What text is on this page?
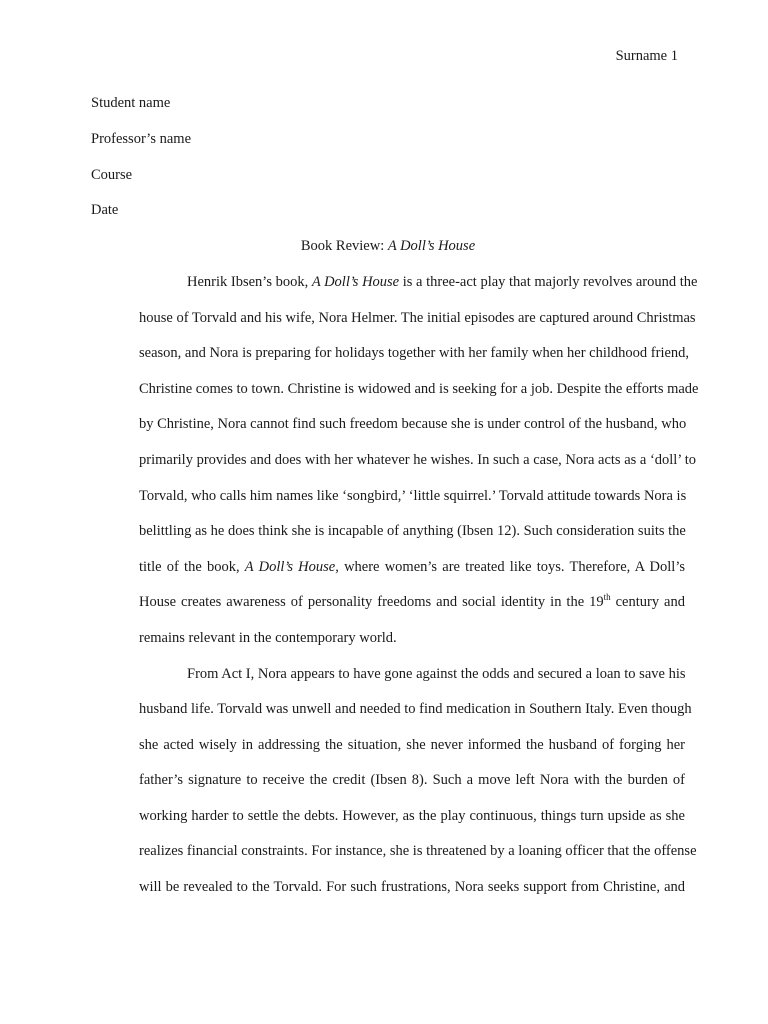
Surname 1
Student name
Professor’s name
Course
Date
Book Review: A Doll’s House
Henrik Ibsen’s book, A Doll’s House is a three-act play that majorly revolves around the
house of Torvald and his wife, Nora Helmer. The initial episodes are captured around Christmas
season, and Nora is preparing for holidays together with her family when her childhood friend,
Christine comes to town. Christine is widowed and is seeking for a job. Despite the efforts made
by Christine, Nora cannot find such freedom because she is under control of the husband, who
primarily provides and does with her whatever he wishes. In such a case, Nora acts as a ‘doll’ to
Torvald, who calls him names like ‘songbird,’ ‘little squirrel.’ Torvald attitude towards Nora is
belittling as he does think she is incapable of anything (Ibsen 12). Such consideration suits the
title of the book, A Doll’s House, where women’s are treated like toys. Therefore, A Doll’s
House creates awareness of personality freedoms and social identity in the 19th century and
remains relevant in the contemporary world.
From Act I, Nora appears to have gone against the odds and secured a loan to save his
husband life. Torvald was unwell and needed to find medication in Southern Italy. Even though
she acted wisely in addressing the situation, she never informed the husband of forging her
father’s signature to receive the credit (Ibsen 8). Such a move left Nora with the burden of
working harder to settle the debts. However, as the play continuous, things turn upside as she
realizes financial constraints. For instance, she is threatened by a loaning officer that the offense
will be revealed to the Torvald. For such frustrations, Nora seeks support from Christine, and
